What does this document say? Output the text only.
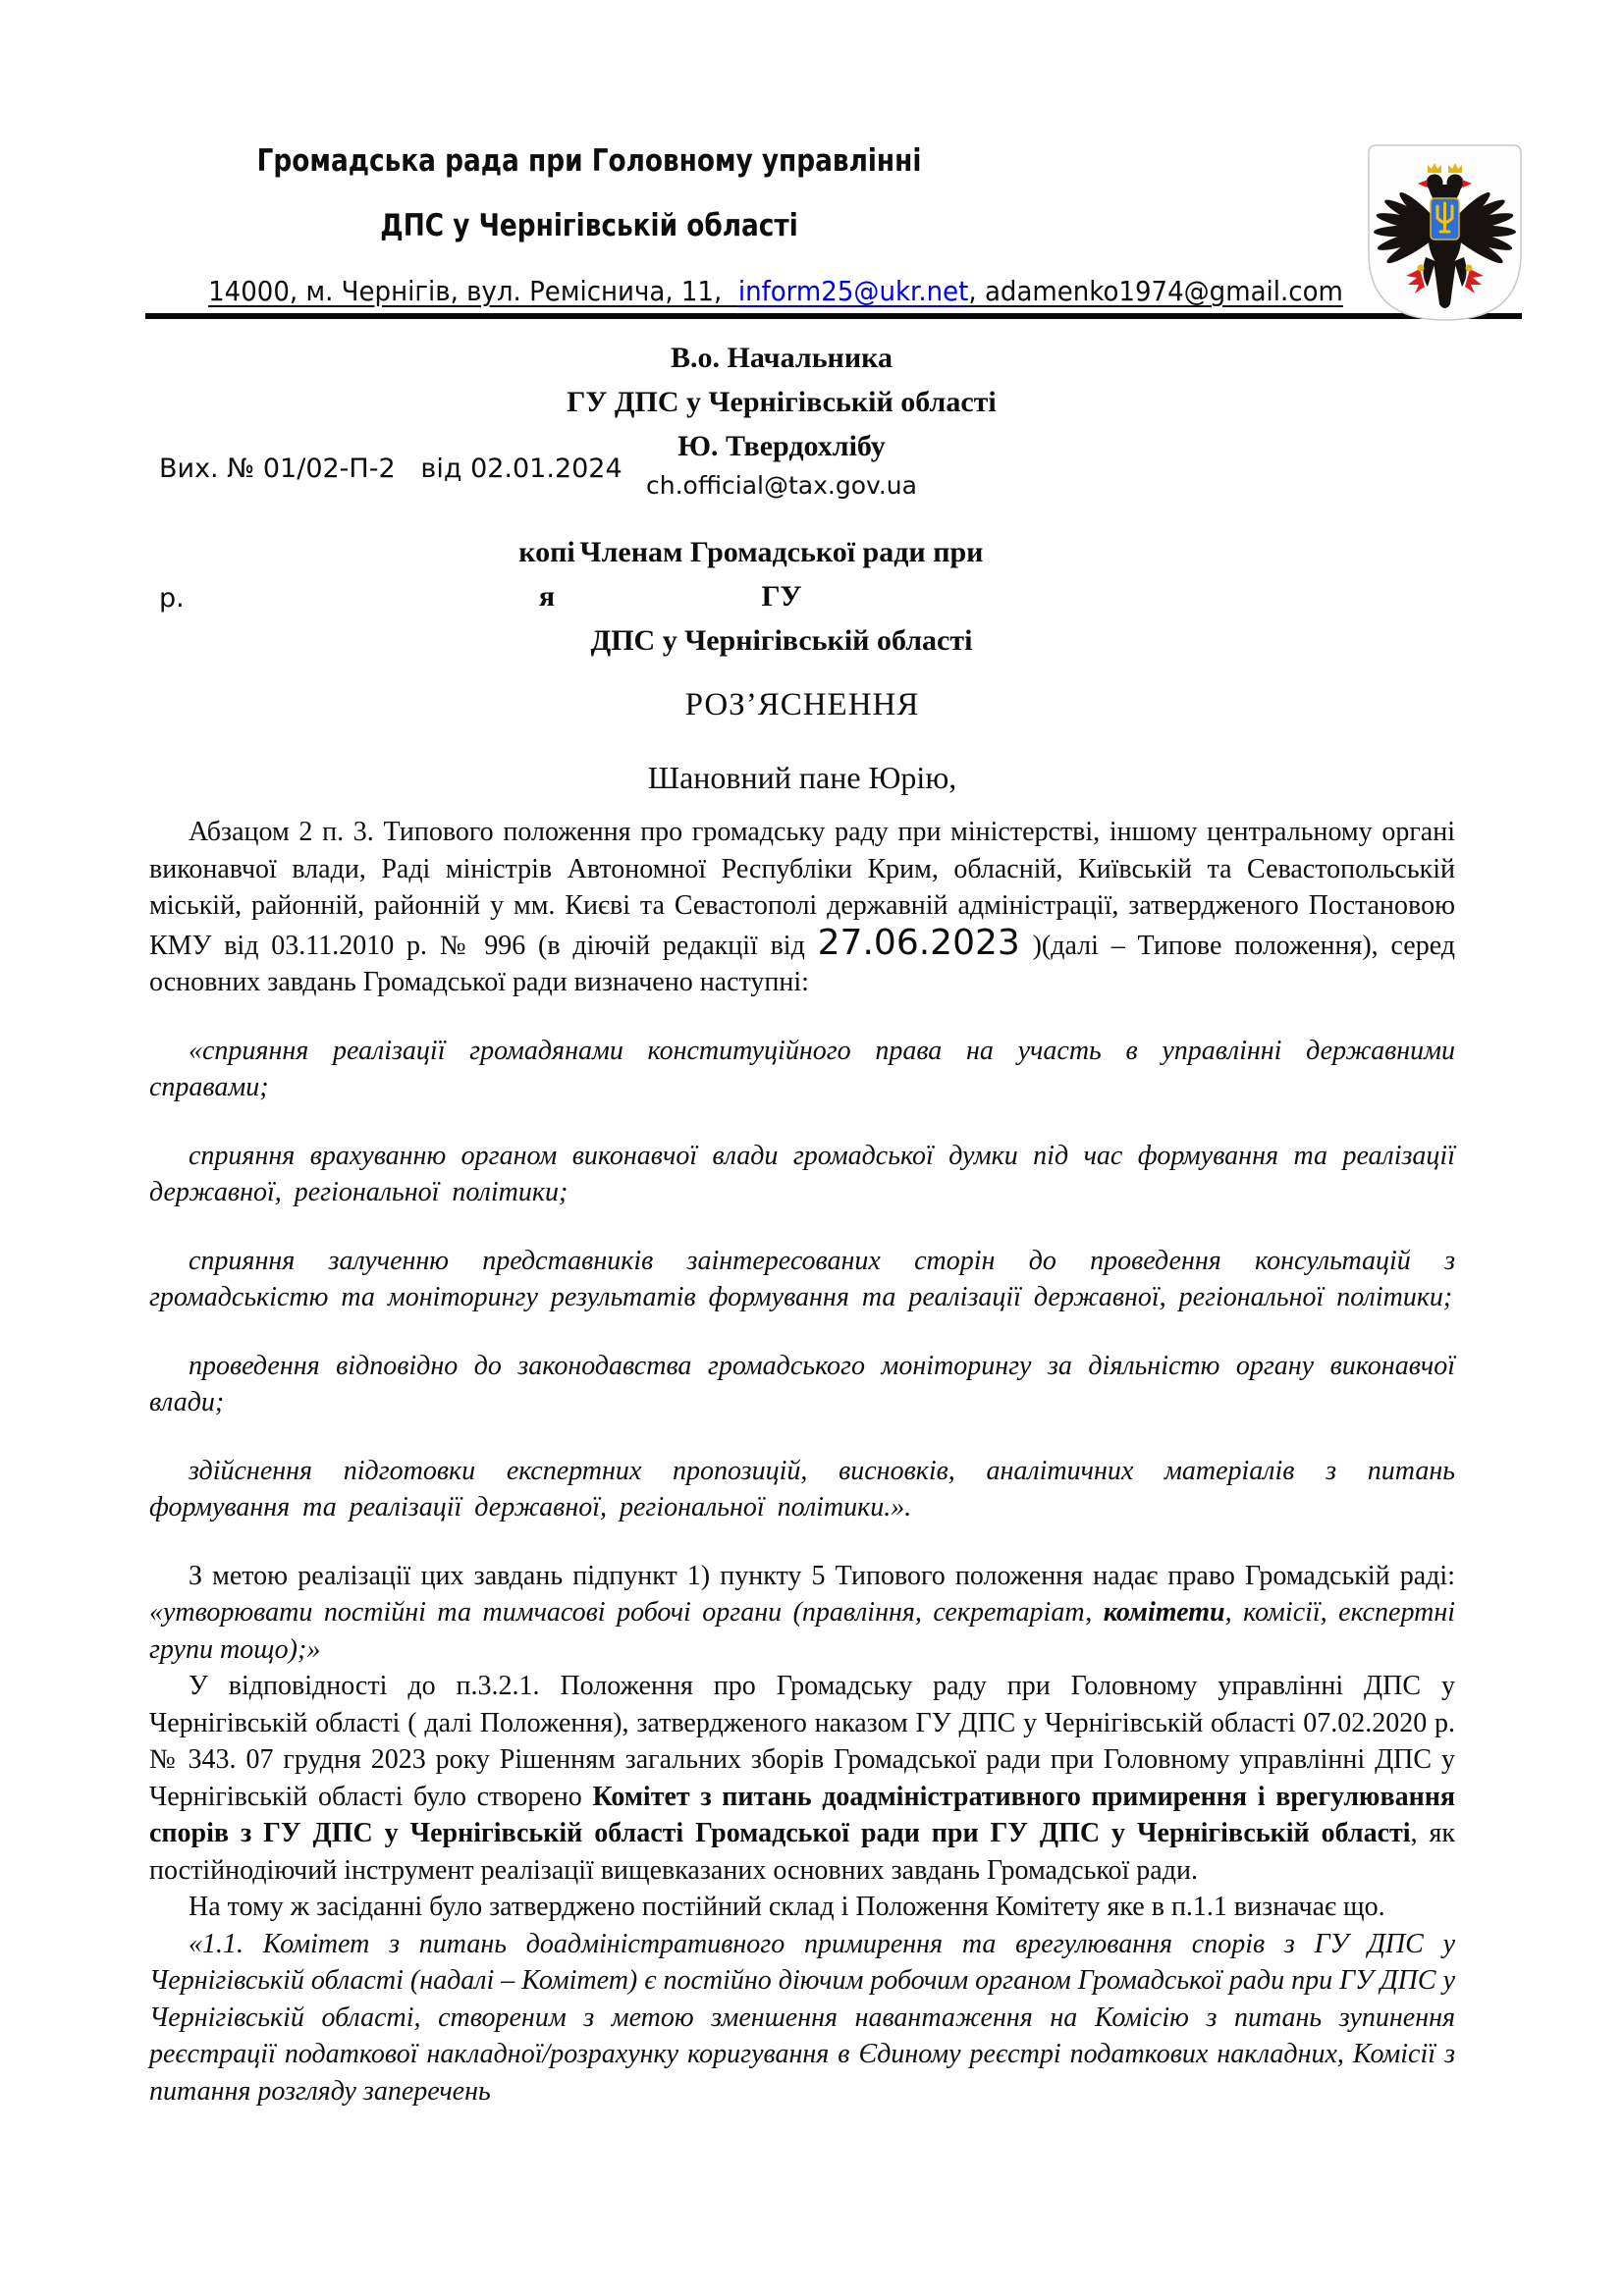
Громадська рада при Головному управлінні
ДПС у Чернігівській області
14000, м. Чернігів, вул. Реміснича, 11,  inform25@ukr.net, adamenko1974@gmail.com

Вих. № 01/02-П-2   від 02.01.2024

р.

В.о. Начальника
ГУ ДПС у Чернігівській області
Ю. Твердохлібу
ch.official@tax.gov.ua
копі
я
Членам Громадської ради при ГУ
ДПС у Чернігівській області
РОЗ’ЯСНЕННЯ

Шановний пане Юрію,

Абзацом 2 п. 3. Типового положення про громадську раду при міністерстві, іншому центральному органі виконавчої влади, Раді міністрів Автономної Республіки Крим, обласній, Київській та Севастопольській міській, районній, районній у мм. Києві та Севастополі державній адміністрації, затвердженого Постановою КМУ від 03.11.2010 р. № 996 (в діючій редакції від 27.06.2023 )(далі – Типове положення), серед основних завдань Громадської ради визначено наступні:

«сприяння реалізації громадянами конституційного права на участь в управлінні державними справами;

сприяння врахуванню органом виконавчої влади громадської думки під час формування та реалізації державної, регіональної політики;

сприяння залученню представників заінтересованих сторін до проведення консультацій з громадськістю та моніторингу результатів формування та реалізації державної, регіональної політики;

проведення відповідно до законодавства громадського моніторингу за діяльністю органу виконавчої влади;

здійснення підготовки експертних пропозицій, висновків, аналітичних матеріалів з питань формування та реалізації державної, регіональної політики.».

З метою реалізації цих завдань підпункт 1) пункту 5 Типового положення надає право Громадській раді: «утворювати постійні та тимчасові робочі органи (правління, секретаріат, комітети, комісії, експертні групи тощо);»

У відповідності до п.3.2.1. Положення про Громадську раду при Головному управлінні ДПС у Чернігівській області ( далі Положення), затвердженого наказом ГУ ДПС у Чернігівській області 07.02.2020 р. № 343. 07 грудня 2023 року Рішенням загальних зборів Громадської ради при Головному управлінні ДПС у Чернігівській області було створено Комітет з питань доадміністративного примирення і врегулювання спорів з ГУ ДПС у Чернігівській області Громадської ради при ГУ ДПС у Чернігівській області, як постійнодіючий інструмент реалізації вищевказаних основних завдань Громадської ради.

На тому ж засіданні було затверджено постійний склад і Положення Комітету яке в п.1.1 визначає що.

«1.1. Комітет з питань доадміністративного примирення та врегулювання спорів з ГУ ДПС у Чернігівській області (надалі – Комітет) є постійно діючим робочим органом Громадської ради при ГУ ДПС у Чернігівській області, створеним з метою зменшення навантаження на Комісію з питань зупинення реєстрації податкової накладної/розрахунку коригування в Єдиному реєстрі податкових накладних, Комісії з питання розгляду заперечень
